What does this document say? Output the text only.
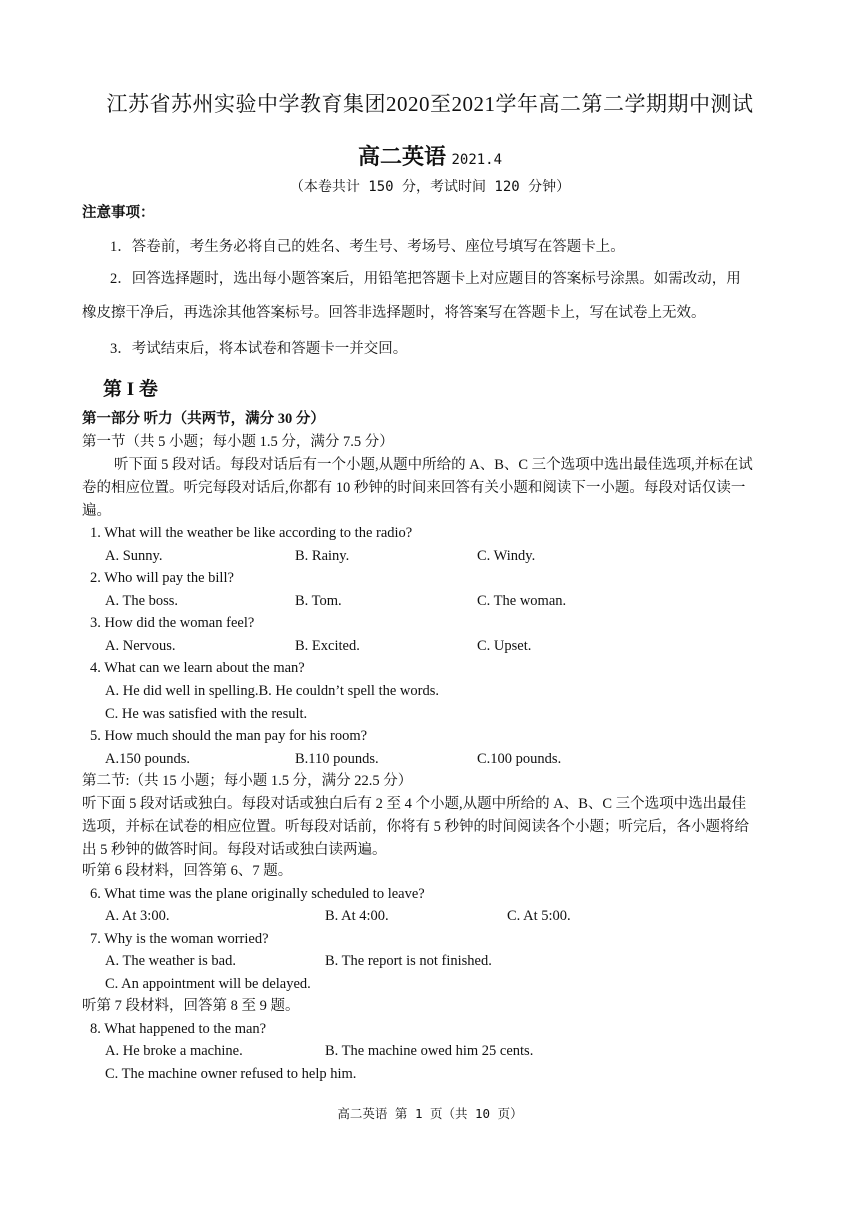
江苏省苏州实验中学教育集团2020至2021学年高二第二学期期中测试
高二英语 2021.4
（本卷共计 150 分，考试时间 120 分钟）
注意事项：
1．答卷前，考生务必将自己的姓名、考生号、考场号、座位号填写在答题卡上。
2．回答选择题时，选出每小题答案后，用铅笔把答题卡上对应题目的答案标号涂黑。如需改动，用
橡皮擦干净后，再选涂其他答案标号。回答非选择题时，将答案写在答题卡上，写在试卷上无效。
3．考试结束后，将本试卷和答题卡一并交回。
第 I 卷
第一部分 听力（共两节，满分 30 分）
第一节（共 5 小题；每小题 1.5 分，满分 7.5 分）
听下面 5 段对话。每段对话后有一个小题,从题中所给的 A、B、C 三个选项中选出最佳选项,并标在试
卷的相应位置。听完每段对话后,你都有 10 秒钟的时间来回答有关小题和阅读下一小题。每段对话仅读一
遍。
1. What will the weather be like according to the radio?
A. Sunny.	B. Rainy.	C. Windy.
2. Who will pay the bill?
A. The boss.	B. Tom.	C. The woman.
3. How did the woman feel?
A. Nervous.	B. Excited.	C. Upset.
4. What can we learn about the man?
A. He did well in spelling.B. He couldn’t spell the words.
C. He was satisfied with the result.
5. How much should the man pay for his room?
A.150 pounds.	B.110 pounds.	C.100 pounds.
第二节:（共 15 小题；每小题 1.5 分，满分 22.5 分）
听下面 5 段对话或独白。每段对话或独白后有 2 至 4 个小题,从题中所给的 A、B、C 三个选项中选出最佳
选项，并标在试卷的相应位置。听每段对话前，你将有 5 秒钟的时间阅读各个小题；听完后，各小题将给
出 5 秒钟的做答时间。每段对话或独白读两遍。
听第 6 段材料，回答第 6、7 题。
6. What time was the plane originally scheduled to leave?
A. At 3:00.	B. At 4:00.	C. At 5:00.
7. Why is the woman worried?
A. The weather is bad.	B. The report is not finished.
C. An appointment will be delayed.
听第 7 段材料，回答第 8 至 9 题。
8. What happened to the man?
A. He broke a machine.	B. The machine owed him 25 cents.
C. The machine owner refused to help him.
高二英语 第 1 页（共 10 页）
